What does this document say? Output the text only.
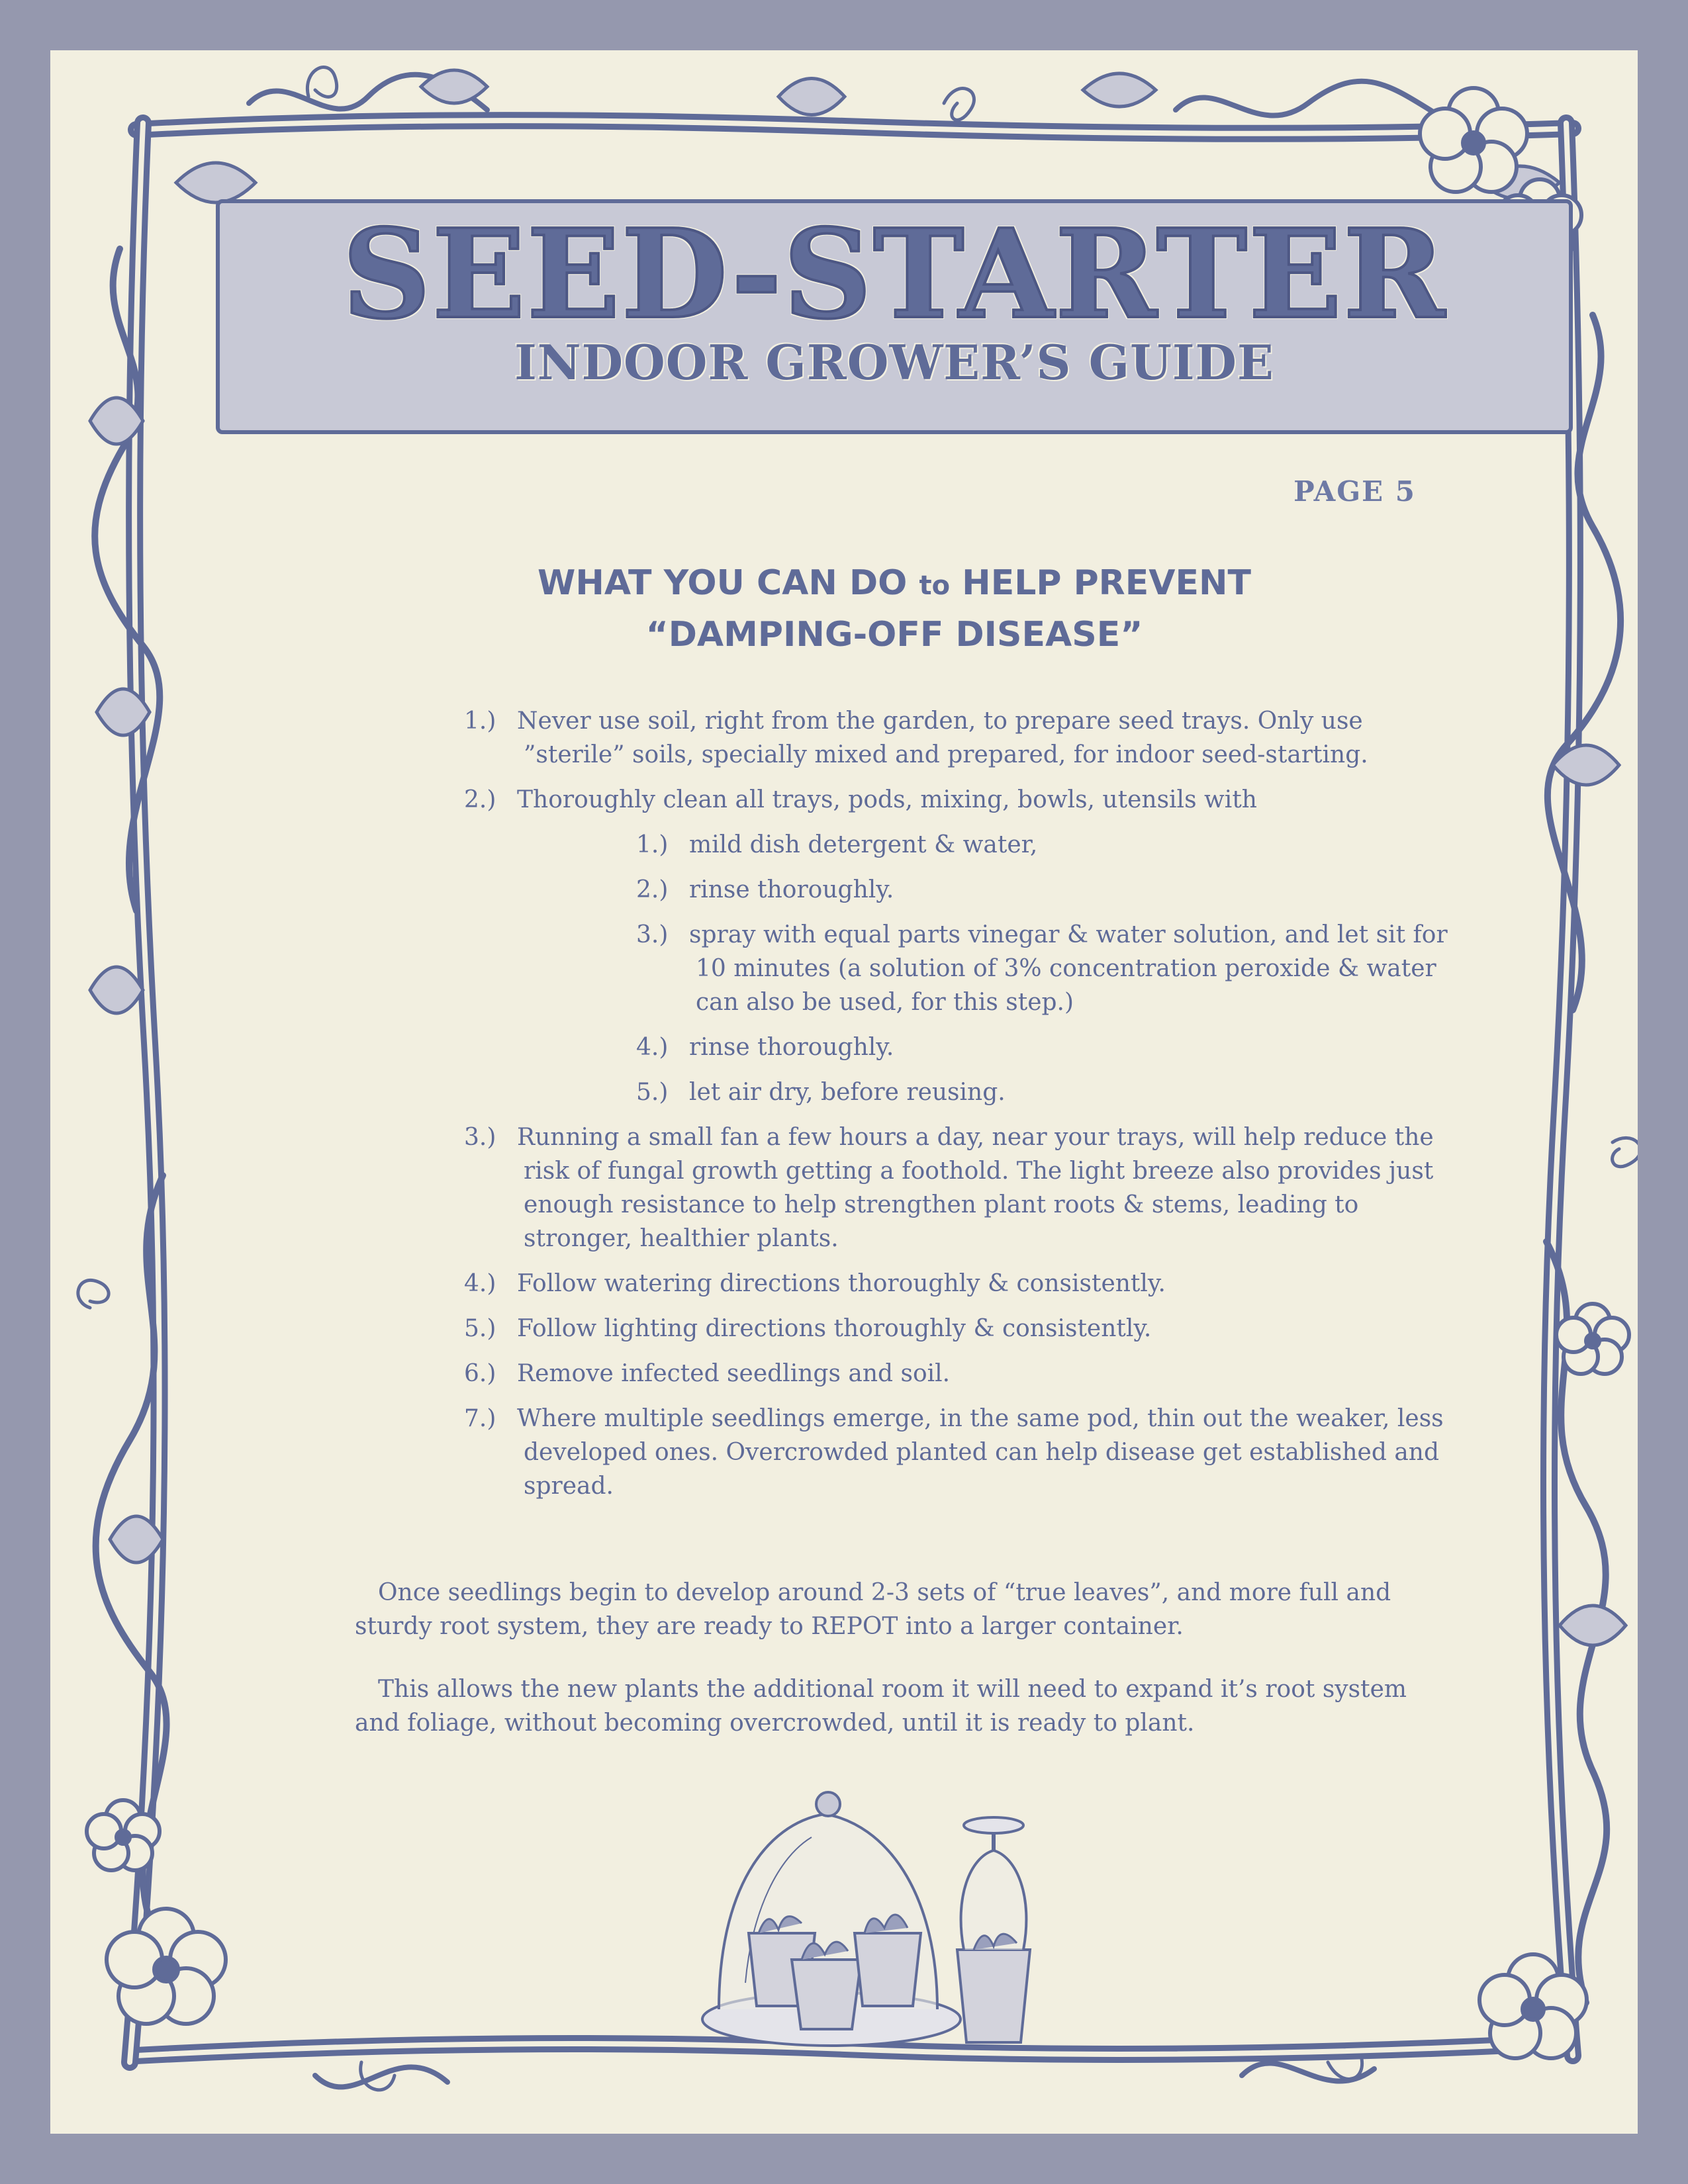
SEED-STARTER
INDOOR GROWER’S GUIDE
PAGE 5
WHAT YOU CAN DO to HELP PREVENT
“DAMPING-OFF DISEASE”
1.) Never use soil, right from the garden, to prepare seed trays. Only use ”sterile” soils, specially mixed and prepared, for indoor seed-starting.
2.) Thoroughly clean all trays, pods, mixing, bowls, utensils with
1.) mild dish detergent & water,
2.) rinse thoroughly.
3.) spray with equal parts vinegar & water solution, and let sit for 10 minutes (a solution of 3% concentration peroxide & water can also be used, for this step.)
4.) rinse thoroughly.
5.) let air dry, before reusing.
3.) Running a small fan a few hours a day, near your trays, will help reduce the risk of fungal growth getting a foothold. The light breeze also provides just enough resistance to help strengthen plant roots & stems, leading to stronger, healthier plants.
4.) Follow watering directions thoroughly & consistently.
5.) Follow lighting directions thoroughly & consistently.
6.) Remove infected seedlings and soil.
7.) Where multiple seedlings emerge, in the same pod, thin out the weaker, less developed ones. Overcrowded planted can help disease get established and spread.

Once seedlings begin to develop around 2-3 sets of “true leaves”, and more full and sturdy root system, they are ready to REPOT into a larger container.

This allows the new plants the additional room it will need to expand it’s root system and foliage, without becoming overcrowded, until it is ready to plant.
